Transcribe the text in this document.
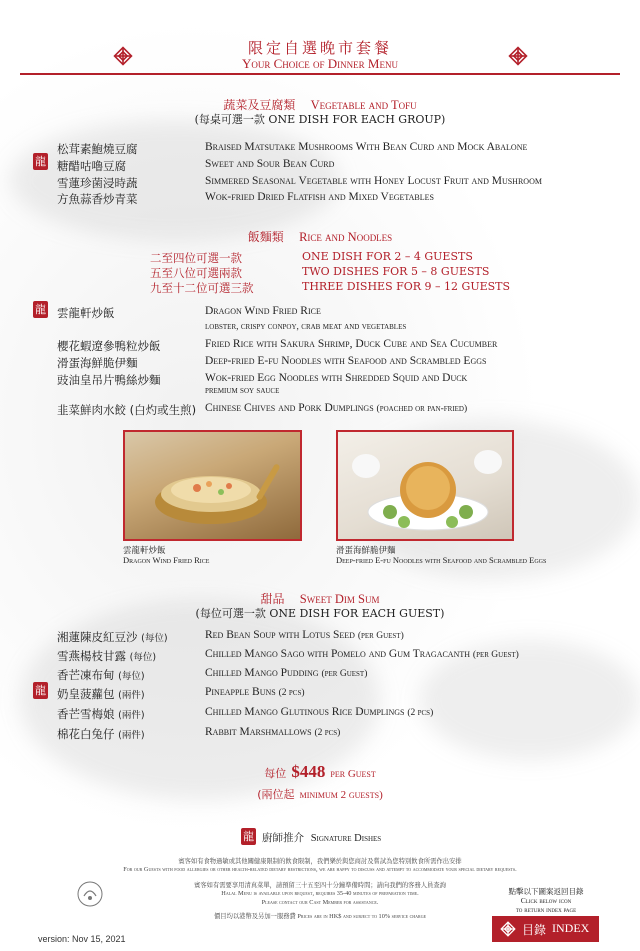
限定自選晚市套餐
Your Choice of Dinner Menu
蔬菜及豆腐類 Vegetable and Tofu
(每桌可選一款 ONE DISH FOR EACH GROUP)
龍
松茸素鮑燒豆腐	Braised Matsutake Mushrooms With Bean Curd and Mock Abalone
糖醋咕嚕豆腐	Sweet and Sour Bean Curd
雪蓮珍菌浸時蔬	Simmered Seasonal Vegetable with Honey Locust Fruit and Mushroom
方魚蒜香炒青菜	Wok-fried Dried Flatfish and Mixed Vegetables
飯麵類 Rice and Noodles
二至四位可選一款	ONE DISH FOR 2 – 4 GUESTS
五至八位可選兩款	TWO DISHES FOR 5 – 8 GUESTS
九至十二位可選三款	THREE DISHES FOR 9 – 12 GUESTS
龍 雲龍軒炒飯	Dragon Wind Fried Rice
lobster, crispy conpoy, crab meat and vegetables
櫻花蝦遼參鴨粒炒飯	Fried Rice with Sakura Shrimp, Duck Cube and Sea Cucumber
滑蛋海鮮脆伊麵	Deep-fried E-fu Noodles with Seafood and Scrambled Eggs
豉油皇吊片鴨絲炒麵	Wok-fried Egg Noodles with Shredded Squid and Duck
premium soy sauce
韭菜鮮肉水餃 (白灼或生煎) Chinese Chives and Pork Dumplings (poached or pan-fried)
雲龍軒炒飯
Dragon Wind Fried Rice
滑蛋海鮮脆伊麵
Deep-fried E-fu Noodles with Seafood and Scrambled Eggs
甜品 Sweet Dim Sum
(每位可選一款 ONE DISH FOR EACH GUEST)
湘蓮陳皮紅豆沙 (每位)	Red Bean Soup with Lotus Seed (per Guest)
雪燕楊枝甘露 (每位)	Chilled Mango Sago with Pomelo and Gum Tragacanth (per Guest)
香芒凍布甸 (每位)	Chilled Mango Pudding (per Guest)
龍 奶皇菠蘿包 (兩件)	Pineapple Buns (2 pcs)
香芒雪梅娘 (兩件)	Chilled Mango Glutinous Rice Dumplings (2 pcs)
棉花白兔仔 (兩件)	Rabbit Marshmallows (2 pcs)
每位 $448 per Guest
(兩位起 minimum 2 guests)
龍 廚師推介 Signature Dishes
賓客如有食物過敏或其他關健康限制的飲食限制，我們樂於與您商討及嘗試為您特別飲食所需作出安排
For our Guests with food allergies or other health-related dietary restrictions, we are happy to discuss and attempt to accommodate your special dietary requests.
賓客如有需要享用清真菜單，請預留三十五至四十分鐘準備時間；請向我們的客務人員查詢
Halal Menu is available upon request, requires 35-40 minutes of preparation time.
Please contact our Cast Member for assistance.
價目均以港幣及另加一服務費 Prices are in HK$ and subject to 10% service charge
點擊以下圖案返回目錄
Click below icon
to return index page
目錄 INDEX
version: Nov 15, 2021
